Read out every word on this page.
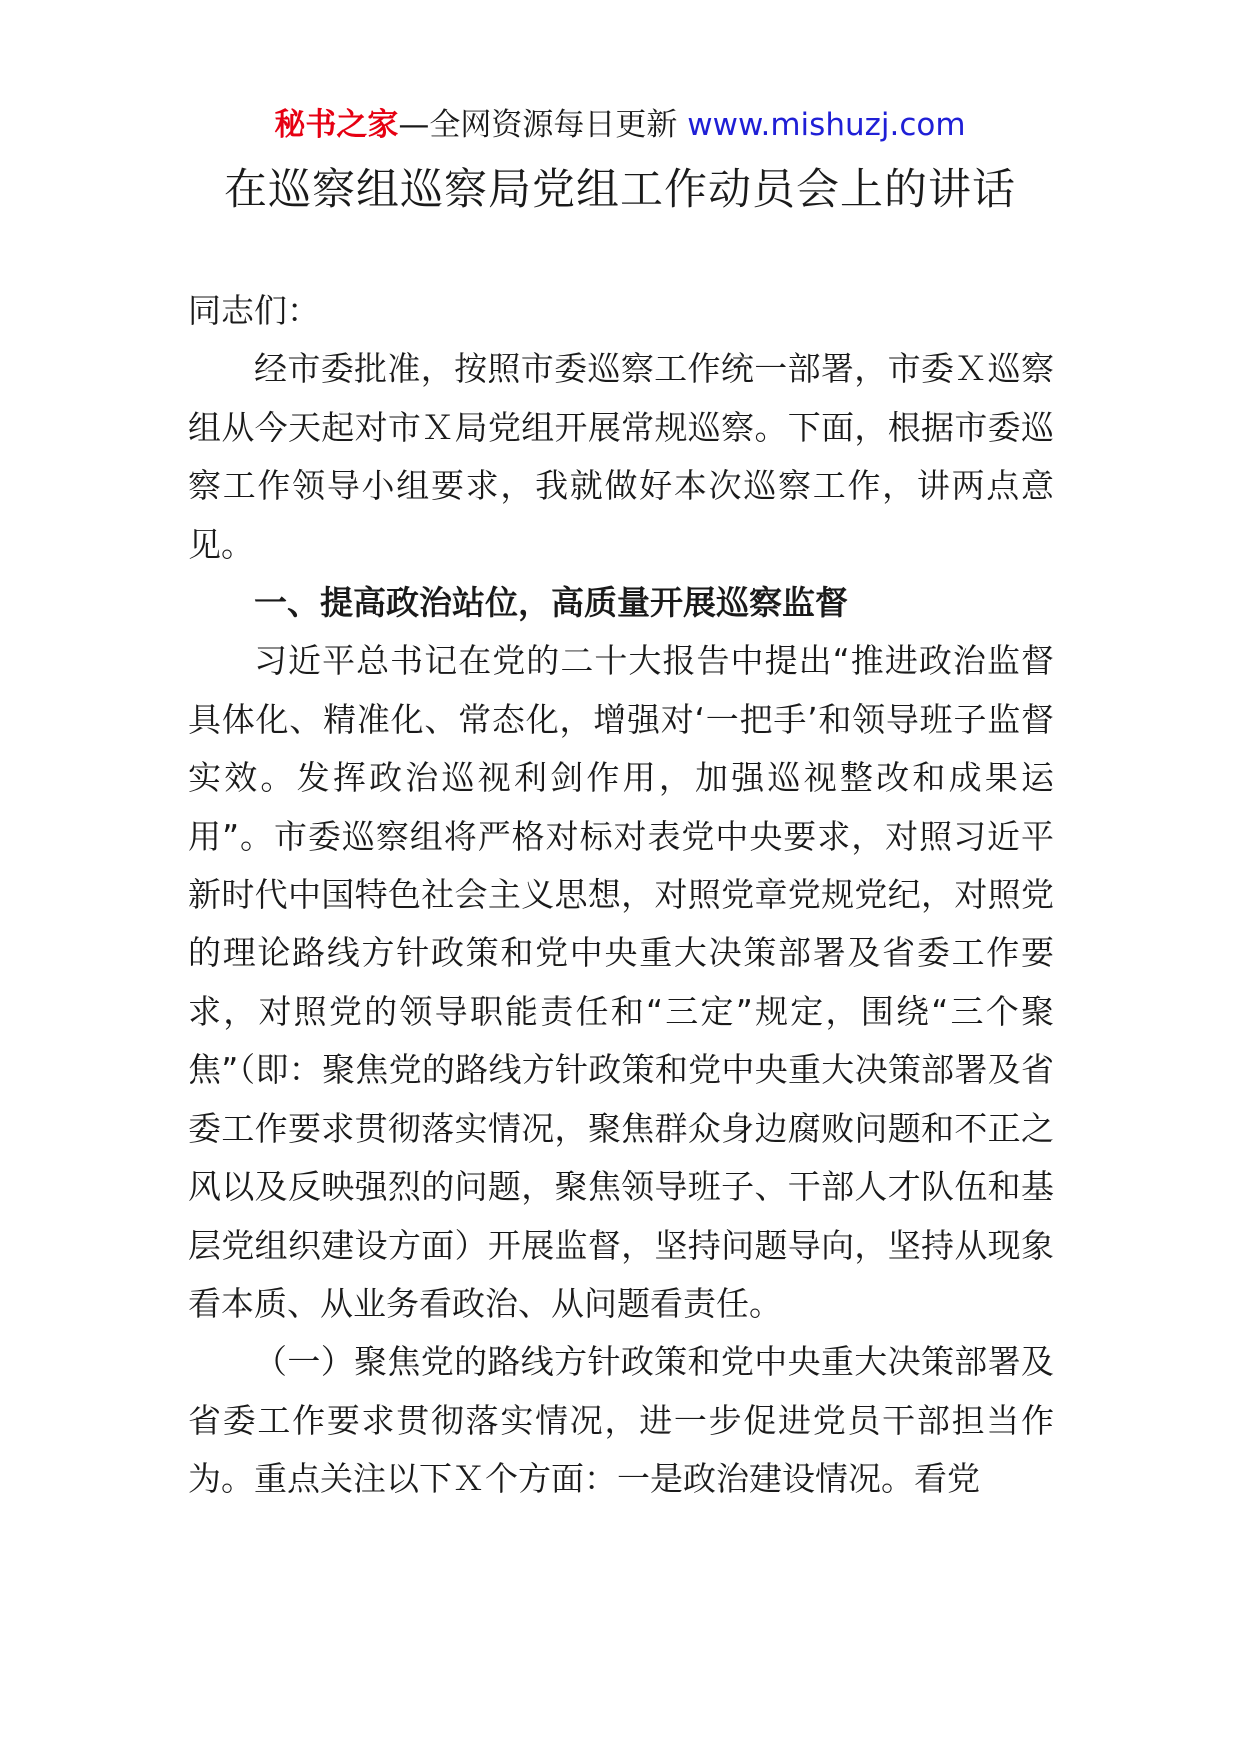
秘书之家—全网资源每日更新 www.mishuzj.com
在巡察组巡察局党组工作动员会上的讲话

同志们：

经市委批准，按照市委巡察工作统一部署，市委Ｘ巡察组从今天起对市Ｘ局党组开展常规巡察。下面，根据市委巡察工作领导小组要求，我就做好本次巡察工作，讲两点意见。

一、提高政治站位，高质量开展巡察监督

习近平总书记在党的二十大报告中提出“推进政治监督具体化、精准化、常态化，增强对‘一把手’和领导班子监督实效。发挥政治巡视利剑作用，加强巡视整改和成果运用”。市委巡察组将严格对标对表党中央要求，对照习近平新时代中国特色社会主义思想，对照党章党规党纪，对照党的理论路线方针政策和党中央重大决策部署及省委工作要求，对照党的领导职能责任和“三定”规定，围绕“三个聚焦”（即：聚焦党的路线方针政策和党中央重大决策部署及省委工作要求贯彻落实情况，聚焦群众身边腐败问题和不正之风以及反映强烈的问题，聚焦领导班子、干部人才队伍和基层党组织建设方面）开展监督，坚持问题导向，坚持从现象看本质、从业务看政治、从问题看责任。

（一）聚焦党的路线方针政策和党中央重大决策部署及省委工作要求贯彻落实情况，进一步促进党员干部担当作为。重点关注以下Ｘ个方面：一是政治建设情况。看党
